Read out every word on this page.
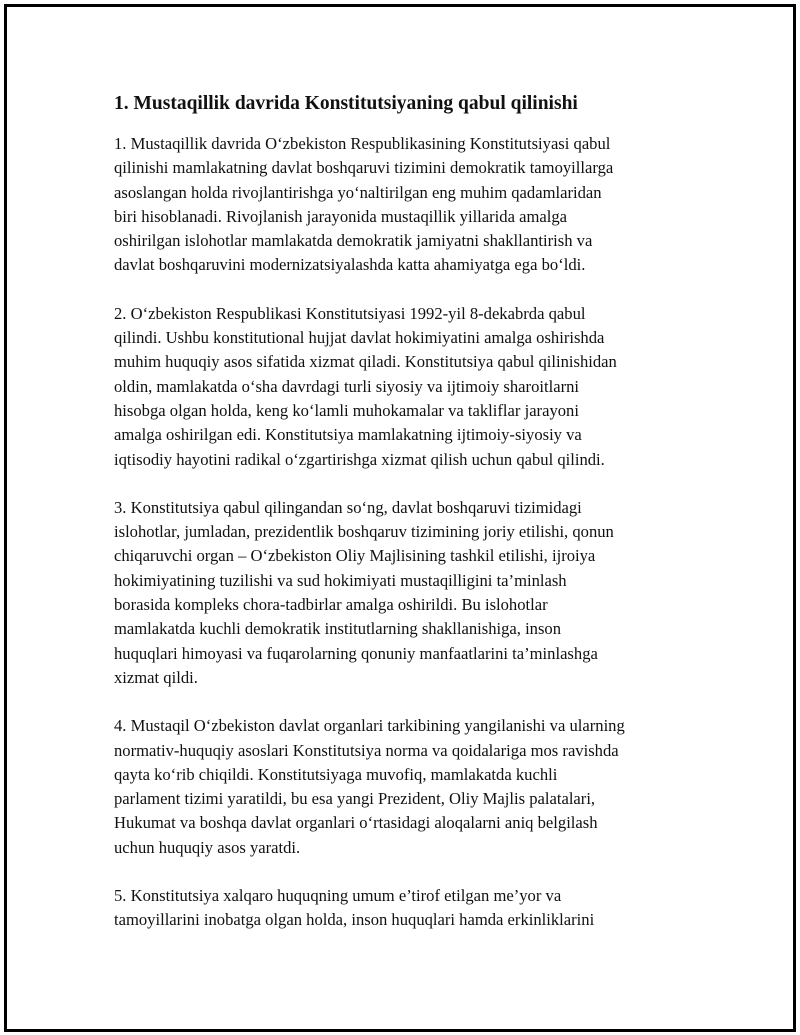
1. Mustaqillik davrida Konstitutsiyaning qabul qilinishi

1. Mustaqillik davrida O‘zbekiston Respublikasining Konstitutsiyasi qabul
qilinishi mamlakatning davlat boshqaruvi tizimini demokratik tamoyillarga
asoslangan holda rivojlantirishga yo‘naltirilgan eng muhim qadamlaridan
biri hisoblanadi. Rivojlanish jarayonida mustaqillik yillarida amalga
oshirilgan islohotlar mamlakatda demokratik jamiyatni shakllantirish va
davlat boshqaruvini modernizatsiyalashda katta ahamiyatga ega bo‘ldi.

2. O‘zbekiston Respublikasi Konstitutsiyasi 1992-yil 8-dekabrda qabul
qilindi. Ushbu konstitutional hujjat davlat hokimiyatini amalga oshirishda
muhim huquqiy asos sifatida xizmat qiladi. Konstitutsiya qabul qilinishidan
oldin, mamlakatda o‘sha davrdagi turli siyosiy va ijtimoiy sharoitlarni
hisobga olgan holda, keng ko‘lamli muhokamalar va takliflar jarayoni
amalga oshirilgan edi. Konstitutsiya mamlakatning ijtimoiy-siyosiy va
iqtisodiy hayotini radikal o‘zgartirishga xizmat qilish uchun qabul qilindi.

3. Konstitutsiya qabul qilingandan so‘ng, davlat boshqaruvi tizimidagi
islohotlar, jumladan, prezidentlik boshqaruv tizimining joriy etilishi, qonun
chiqaruvchi organ – O‘zbekiston Oliy Majlisining tashkil etilishi, ijroiya
hokimiyatining tuzilishi va sud hokimiyati mustaqilligini ta’minlash
borasida kompleks chora-tadbirlar amalga oshirildi. Bu islohotlar
mamlakatda kuchli demokratik institutlarning shakllanishiga, inson
huquqlari himoyasi va fuqarolarning qonuniy manfaatlarini ta’minlashga
xizmat qildi.

4. Mustaqil O‘zbekiston davlat organlari tarkibining yangilanishi va ularning
normativ-huquqiy asoslari Konstitutsiya norma va qoidalariga mos ravishda
qayta ko‘rib chiqildi. Konstitutsiyaga muvofiq, mamlakatda kuchli
parlament tizimi yaratildi, bu esa yangi Prezident, Oliy Majlis palatalari,
Hukumat va boshqa davlat organlari o‘rtasidagi aloqalarni aniq belgilash
uchun huquqiy asos yaratdi.

5. Konstitutsiya xalqaro huquqning umum e’tirof etilgan me’yor va
tamoyillarini inobatga olgan holda, inson huquqlari hamda erkinliklarini
